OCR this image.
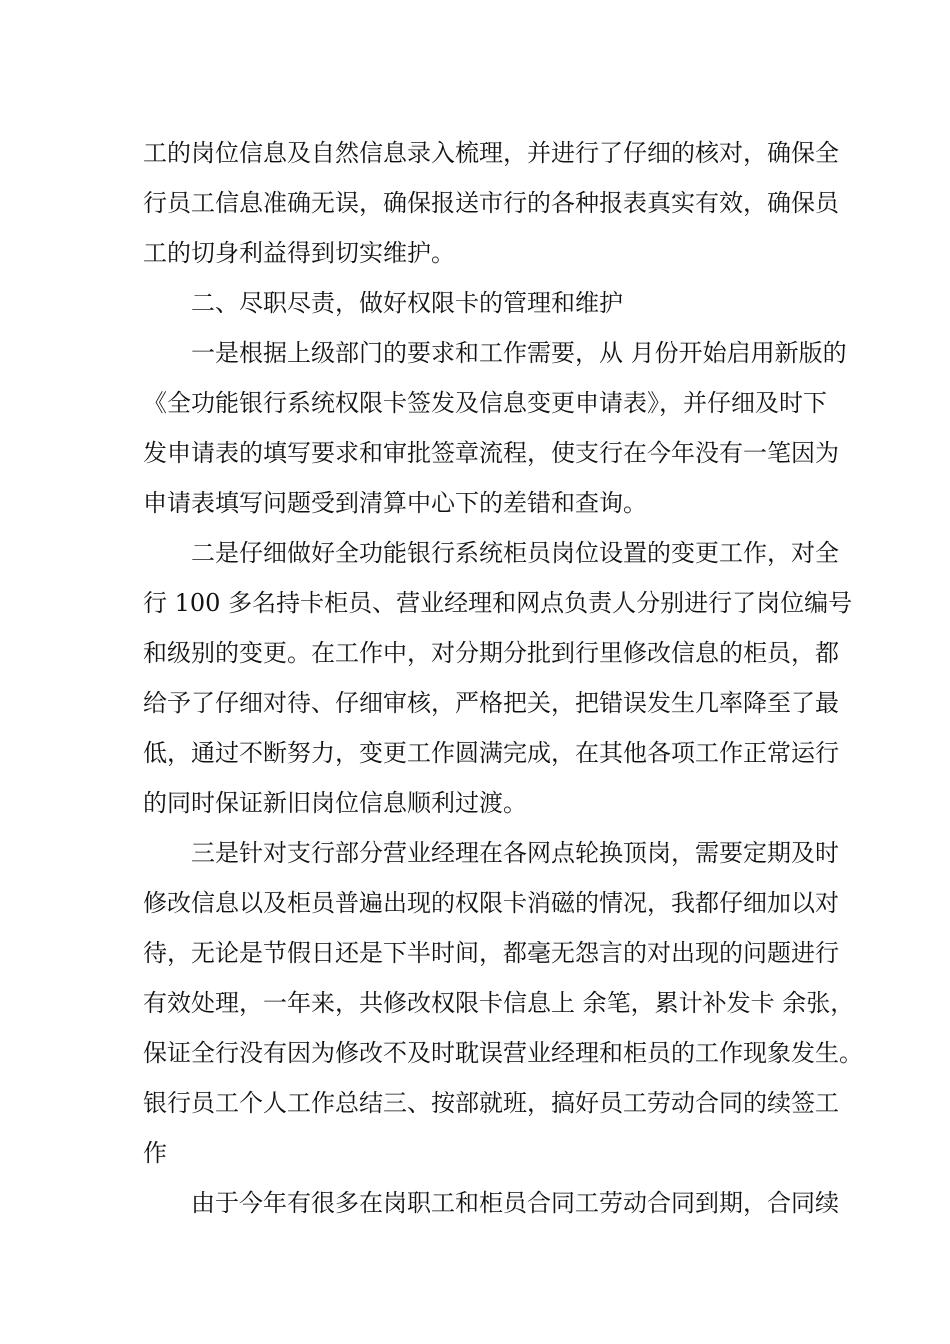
工的岗位信息及自然信息录入梳理，并进行了仔细的核对，确保全
行员工信息准确无误，确保报送市行的各种报表真实有效，确保员
工的切身利益得到切实维护。
二、尽职尽责，做好权限卡的管理和维护
一是根据上级部门的要求和工作需要，从 月份开始启用新版的
《全功能银行系统权限卡签发及信息变更申请表》，并仔细及时下
发申请表的填写要求和审批签章流程，使支行在今年没有一笔因为
申请表填写问题受到清算中心下的差错和查询。
二是仔细做好全功能银行系统柜员岗位设置的变更工作，对全
行 100 多名持卡柜员、营业经理和网点负责人分别进行了岗位编号
和级别的变更。在工作中，对分期分批到行里修改信息的柜员，都
给予了仔细对待、仔细审核，严格把关，把错误发生几率降至了最
低，通过不断努力，变更工作圆满完成，在其他各项工作正常运行
的同时保证新旧岗位信息顺利过渡。
三是针对支行部分营业经理在各网点轮换顶岗，需要定期及时
修改信息以及柜员普遍出现的权限卡消磁的情况，我都仔细加以对
待，无论是节假日还是下半时间，都毫无怨言的对出现的问题进行
有效处理，一年来，共修改权限卡信息上 余笔，累计补发卡 余张，
保证全行没有因为修改不及时耽误营业经理和柜员的工作现象发生。
银行员工个人工作总结三、按部就班，搞好员工劳动合同的续签工
作
由于今年有很多在岗职工和柜员合同工劳动合同到期，合同续
